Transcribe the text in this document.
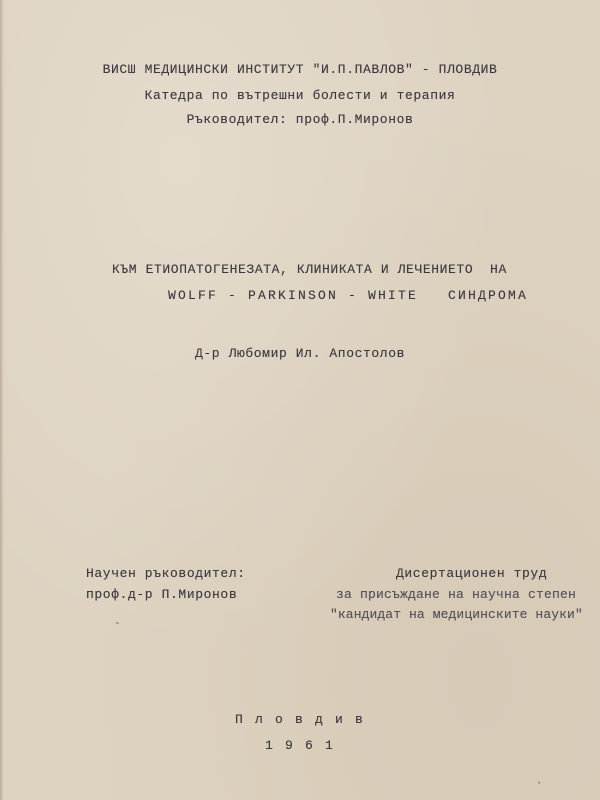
ВИСШ МЕДИЦИНСКИ ИНСТИТУТ "И.П.ПАВЛОВ" - ПЛОВДИВ
Катедра по вътрешни болести и терапия
Ръководител: проф.П.Миронов
КЪМ ЕТИОПАТОГЕНЕЗАТА, КЛИНИКАТА И ЛЕЧЕНИЕТО  НА
WOLFF - PARKINSON - WHITE   СИНДРОМА
Д-р Любомир Ил. Апостолов
Научен ръководител:
проф.д-р П.Миронов
Дисертационен труд
за присъждане на научна степен
"кандидат на медицинските науки"
П л о в д и в
1 9 6 1
-
·
